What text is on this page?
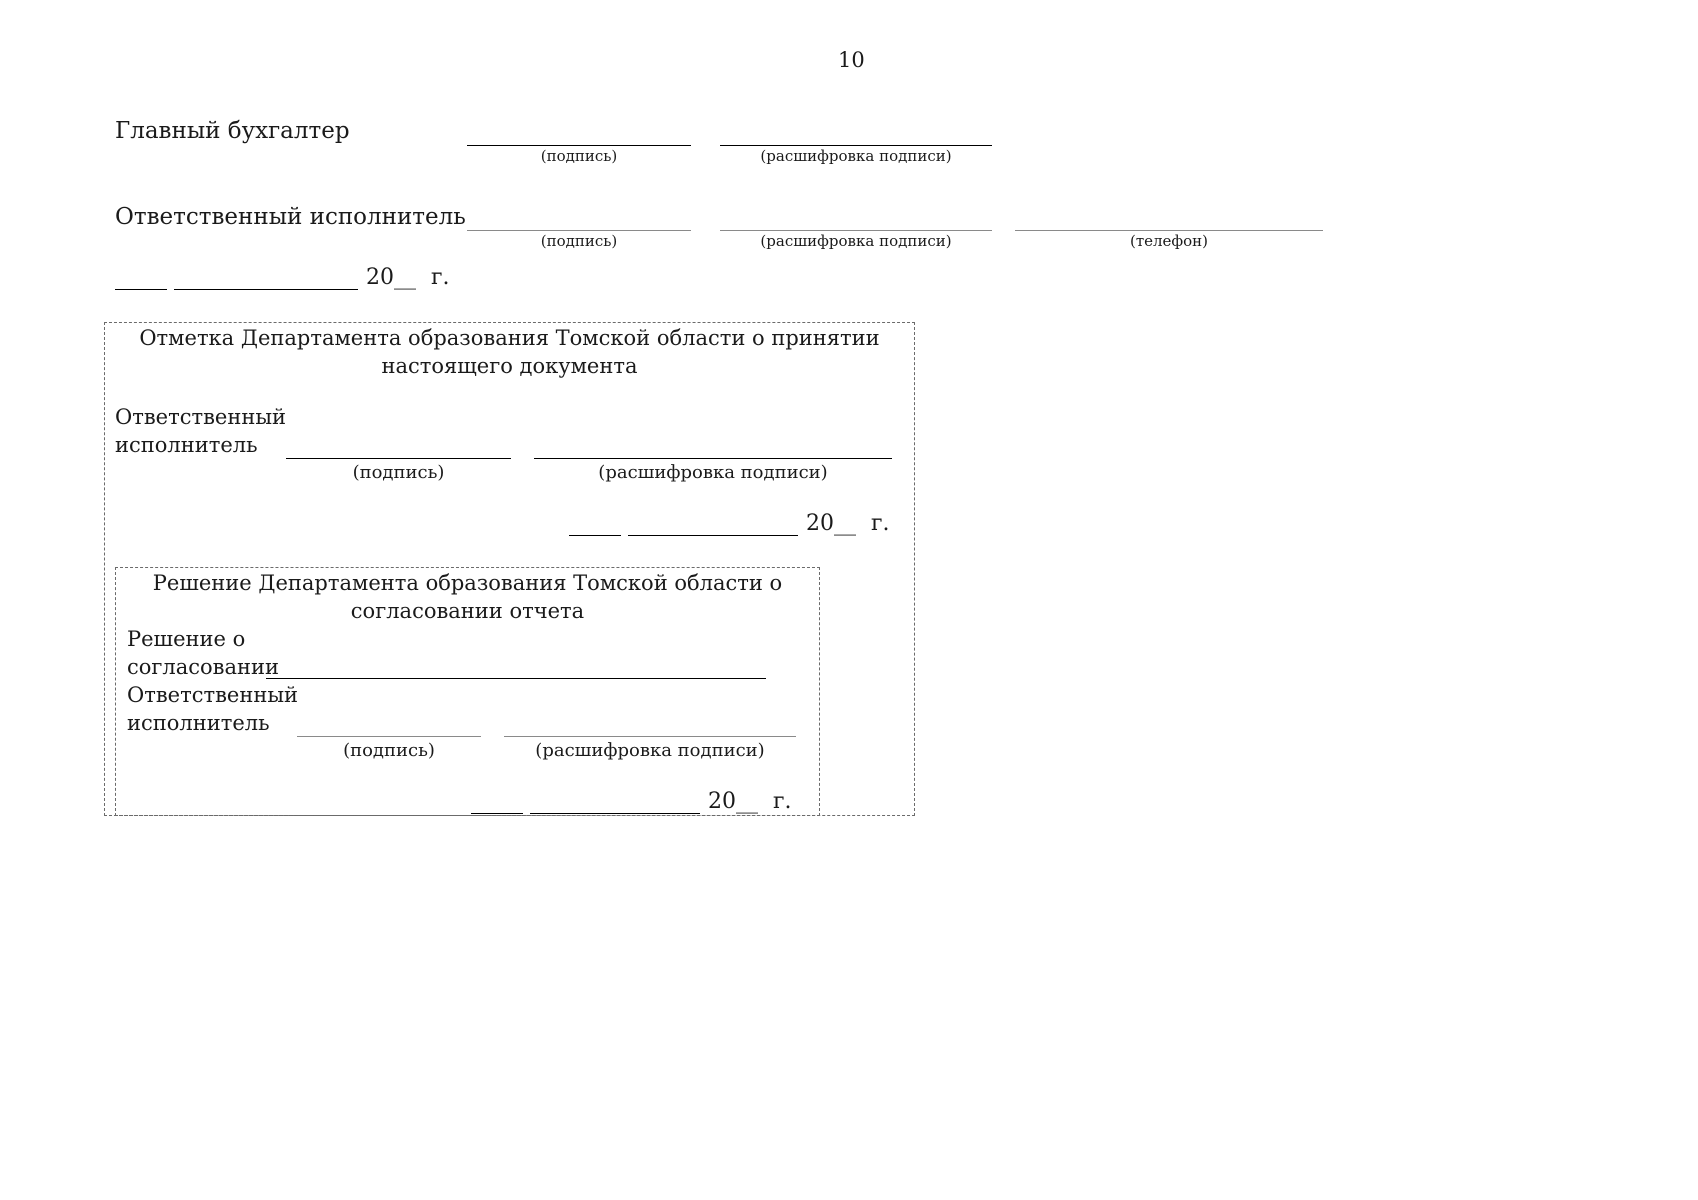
10
Главный бухгалтер
(подпись)	(расшифровка подписи)
Ответственный исполнитель
(подпись)	(расшифровка подписи)	(телефон)
20__ г.
Отметка Департамента образования Томской области о принятии
настоящего документа
Ответственный
исполнитель
(подпись)	(расшифровка подписи)
20__ г.
Решение Департамента образования Томской области о
согласовании отчета
Решение о
согласовании
Ответственный
исполнитель
(подпись)	(расшифровка подписи)
20__ г.
